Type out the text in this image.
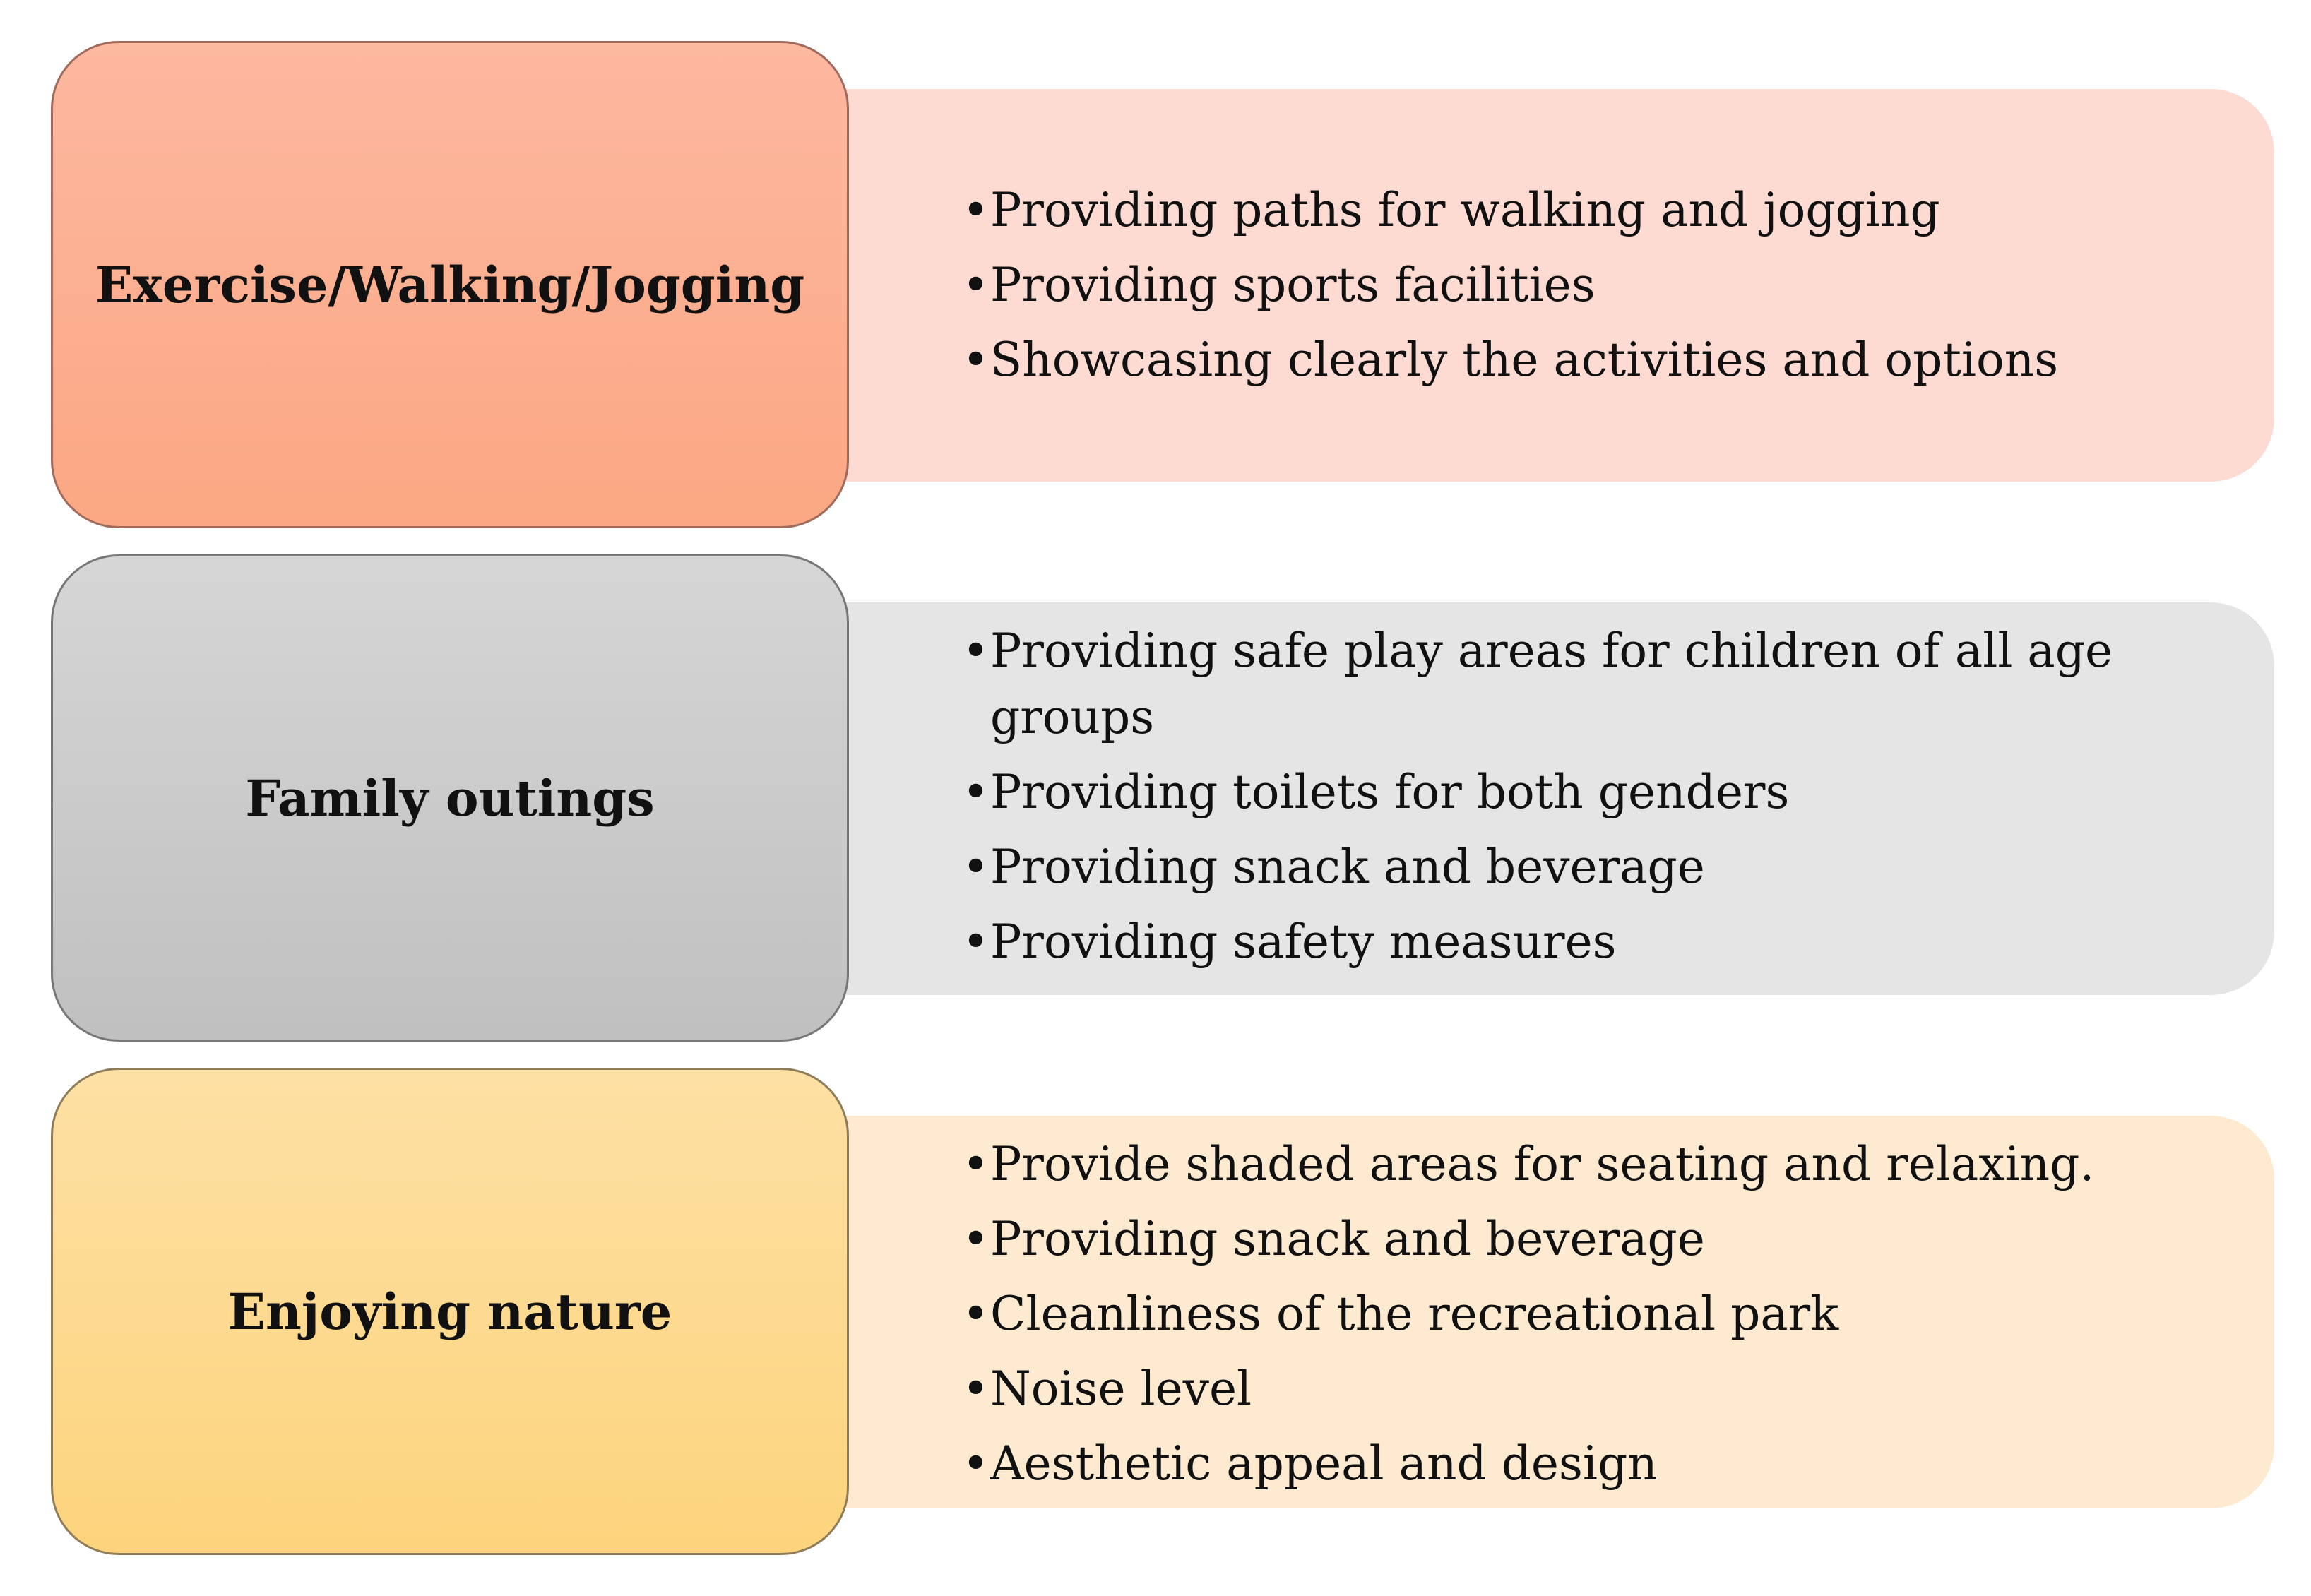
Exercise/Walking/Jogging
• Providing paths for walking and jogging
• Providing sports facilities
• Showcasing clearly the activities and options
Family outings
• Providing safe play areas for children of all age groups
• Providing toilets for both genders
• Providing snack and beverage
• Providing safety measures
Enjoying nature
• Provide shaded areas for seating and relaxing.
• Providing snack and beverage
• Cleanliness of the recreational park
• Noise level
• Aesthetic appeal and design
